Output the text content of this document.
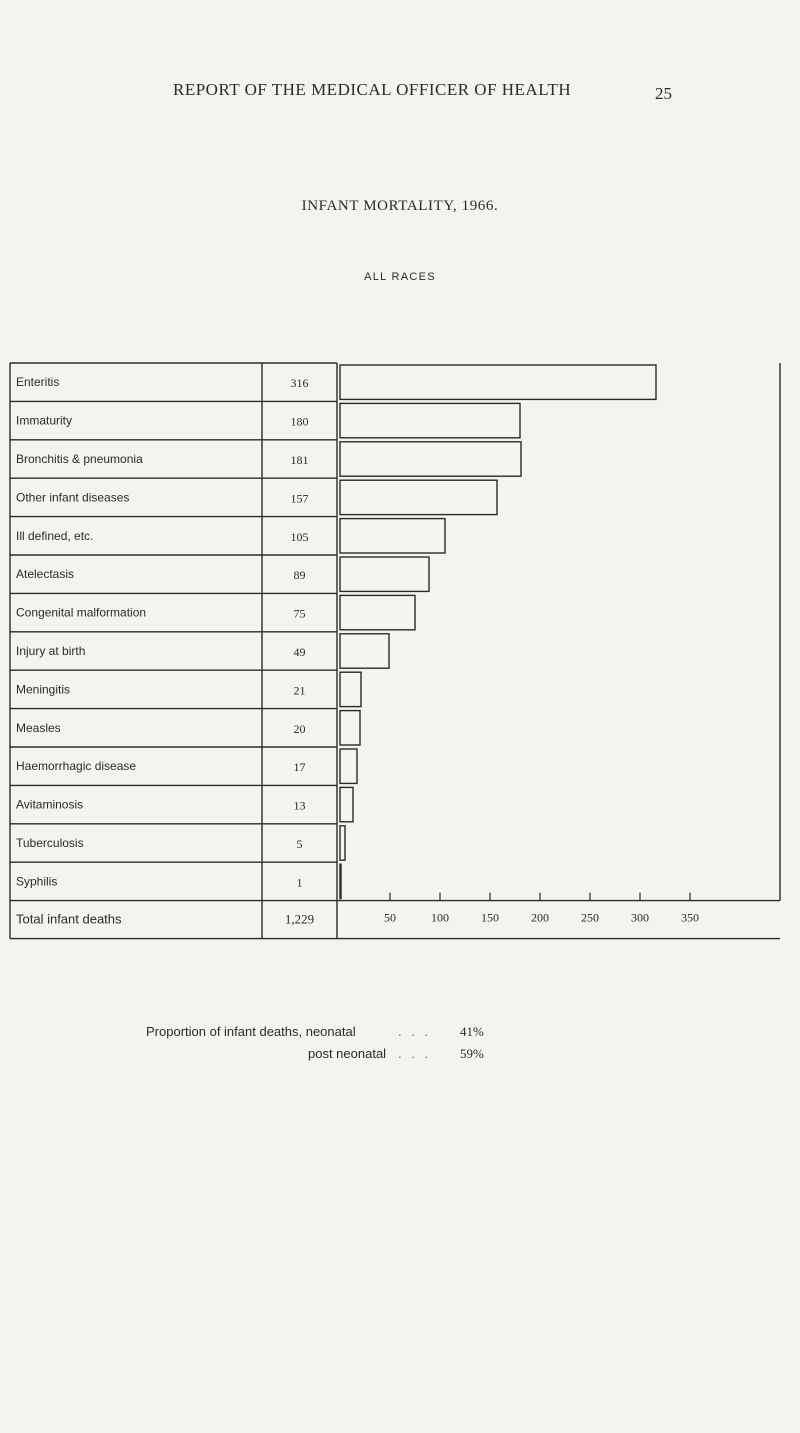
REPORT OF THE MEDICAL OFFICER OF HEALTH	25
INFANT MORTALITY, 1966.
ALL RACES
Enteritis	316
Immaturity	180
Bronchitis & pneumonia	181
Other infant diseases	157
Ill defined, etc.	105
Atelectasis	89
Congenital malformation	75
Injury at birth	49
Meningitis	21
Measles	20
Haemorrhagic disease	17
Avitaminosis	13
Tuberculosis	5
Syphilis	1
Total infant deaths	1,229	50	100	150	200	250	300	350
Proportion of infant deaths, neonatal	. . . 41%
post neonatal . . . 59%
